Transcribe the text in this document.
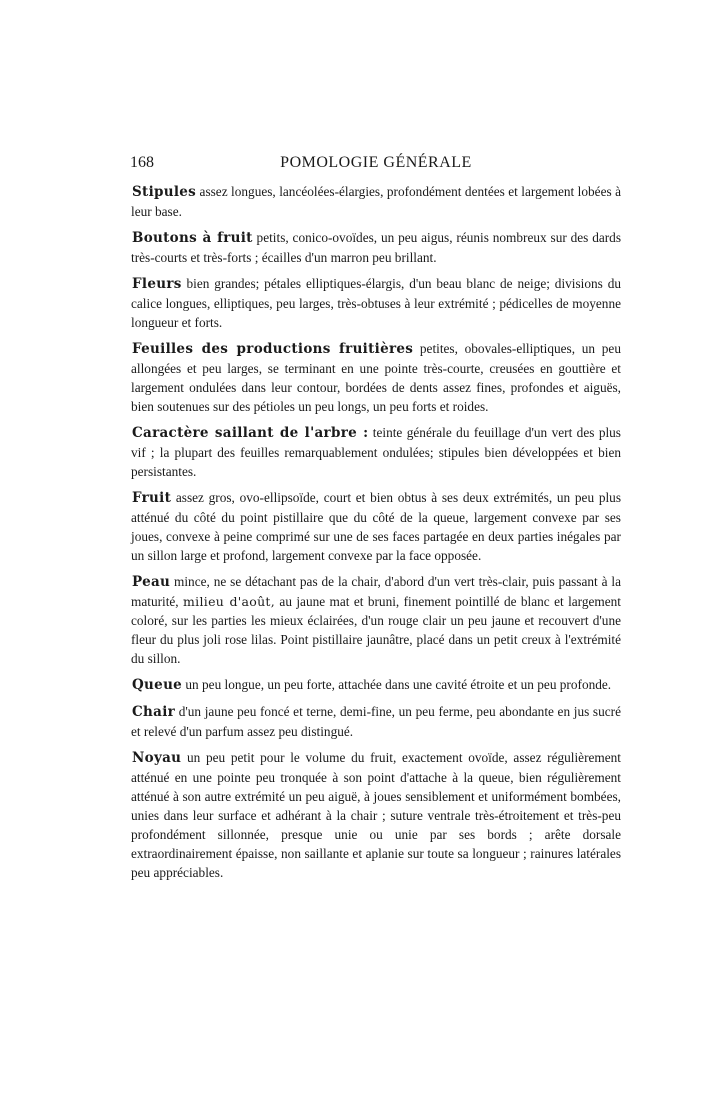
168	POMOLOGIE GÉNÉRALE

Stipules assez longues, lancéolées-élargies, profondément dentées et largement lobées à leur base.

Boutons à fruit petits, conico-ovoïdes, un peu aigus, réunis nombreux sur des dards très-courts et très-forts ; écailles d'un marron peu brillant.

Fleurs bien grandes; pétales elliptiques-élargis, d'un beau blanc de neige; divisions du calice longues, elliptiques, peu larges, très-obtuses à leur extrémité ; pédicelles de moyenne longueur et forts.

Feuilles des productions fruitières petites, obovales-elliptiques, un peu allongées et peu larges, se terminant en une pointe très-courte, creusées en gouttière et largement ondulées dans leur contour, bordées de dents assez fines, profondes et aiguës, bien soutenues sur des pétioles un peu longs, un peu forts et roides.

Caractère saillant de l'arbre : teinte générale du feuillage d'un vert des plus vif ; la plupart des feuilles remarquablement ondulées; stipules bien développées et bien persistantes.

Fruit assez gros, ovo-ellipsoïde, court et bien obtus à ses deux extrémités, un peu plus atténué du côté du point pistillaire que du côté de la queue, largement convexe par ses joues, convexe à peine comprimé sur une de ses faces partagée en deux parties inégales par un sillon large et profond, largement convexe par la face opposée.

Peau mince, ne se détachant pas de la chair, d'abord d'un vert très-clair, puis passant à la maturité, milieu d'août, au jaune mat et bruni, finement pointillé de blanc et largement coloré, sur les parties les mieux éclairées, d'un rouge clair un peu jaune et recouvert d'une fleur du plus joli rose lilas. Point pistillaire jaunâtre, placé dans un petit creux à l'extrémité du sillon.

Queue un peu longue, un peu forte, attachée dans une cavité étroite et un peu profonde.

Chair d'un jaune peu foncé et terne, demi-fine, un peu ferme, peu abondante en jus sucré et relevé d'un parfum assez peu distingué.

Noyau un peu petit pour le volume du fruit, exactement ovoïde, assez régulièrement atténué en une pointe peu tronquée à son point d'attache à la queue, bien régulièrement atténué à son autre extrémité un peu aiguë, à joues sensiblement et uniformément bombées, unies dans leur surface et adhérant à la chair ; suture ventrale très-étroitement et très-peu profondément sillonnée, presque unie ou unie par ses bords ; arête dorsale extraordinairement épaisse, non saillante et aplanie sur toute sa longueur ; rainures latérales peu appréciables.
